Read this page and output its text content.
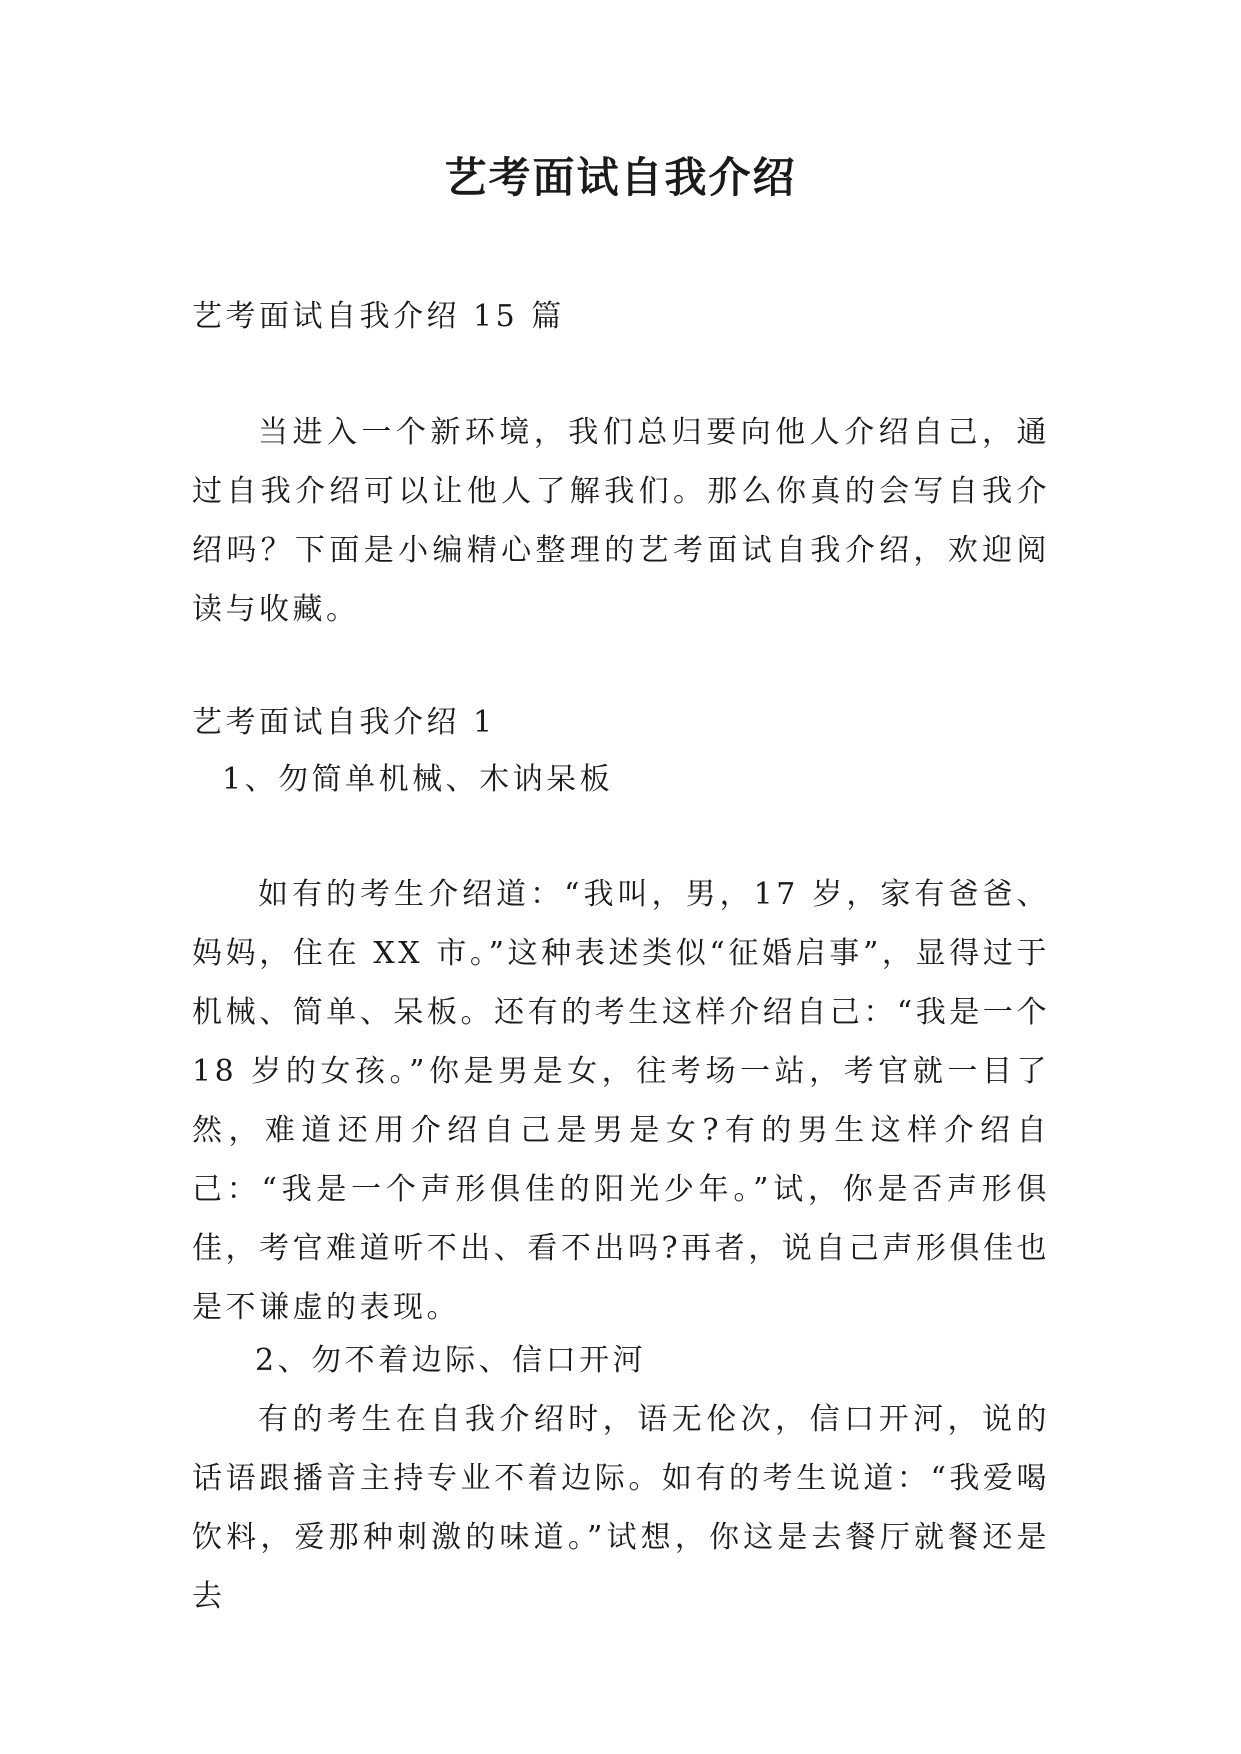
艺考面试自我介绍

艺考面试自我介绍 15 篇

当进入一个新环境，我们总归要向他人介绍自己，通过自我介绍可以让他人了解我们。那么你真的会写自我介绍吗？下面是小编精心整理的艺考面试自我介绍，欢迎阅读与收藏。

艺考面试自我介绍 1

1、勿简单机械、木讷呆板

如有的考生介绍道：“我叫，男，17 岁，家有爸爸、妈妈，住在 XX 市。”这种表述类似“征婚启事”，显得过于机械、简单、呆板。还有的考生这样介绍自己：“我是一个 18 岁的女孩。”你是男是女，往考场一站，考官就一目了然，难道还用介绍自己是男是女?有的男生这样介绍自己：“我是一个声形俱佳的阳光少年。”试，你是否声形俱佳，考官难道听不出、看不出吗?再者，说自己声形俱佳也是不谦虚的表现。

2、勿不着边际、信口开河

有的考生在自我介绍时，语无伦次，信口开河，说的话语跟播音主持专业不着边际。如有的考生说道：“我爱喝饮料，爱那种刺激的味道。”试想，你这是去餐厅就餐还是去
